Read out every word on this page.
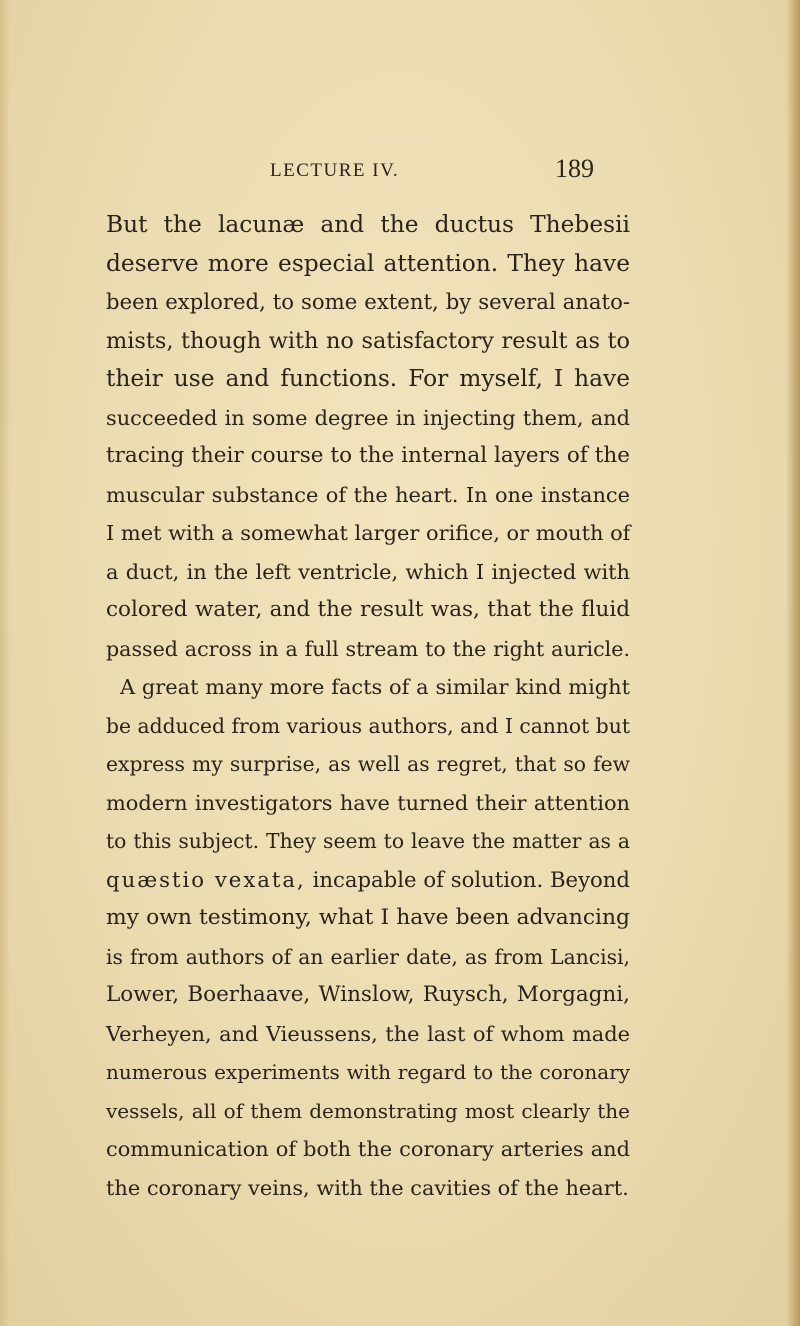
LECTURE IV.	189
But the lacunæ and the ductus Thebesii
deserve more especial attention. They have
been explored, to some extent, by several anato-
mists, though with no satisfactory result as to
their use and functions. For myself, I have
succeeded in some degree in injecting them, and
tracing their course to the internal layers of the
muscular substance of the heart. In one instance
I met with a somewhat larger orifice, or mouth of
a duct, in the left ventricle, which I injected with
colored water, and the result was, that the fluid
passed across in a full stream to the right auricle.
A great many more facts of a similar kind might
be adduced from various authors, and I cannot but
express my surprise, as well as regret, that so few
modern investigators have turned their attention
to this subject. They seem to leave the matter as a
quæstio vexata, incapable of solution. Beyond
my own testimony, what I have been advancing
is from authors of an earlier date, as from Lancisi,
Lower, Boerhaave, Winslow, Ruysch, Morgagni,
Verheyen, and Vieussens, the last of whom made
numerous experiments with regard to the coronary
vessels, all of them demonstrating most clearly the
communication of both the coronary arteries and
the coronary veins, with the cavities of the heart.
